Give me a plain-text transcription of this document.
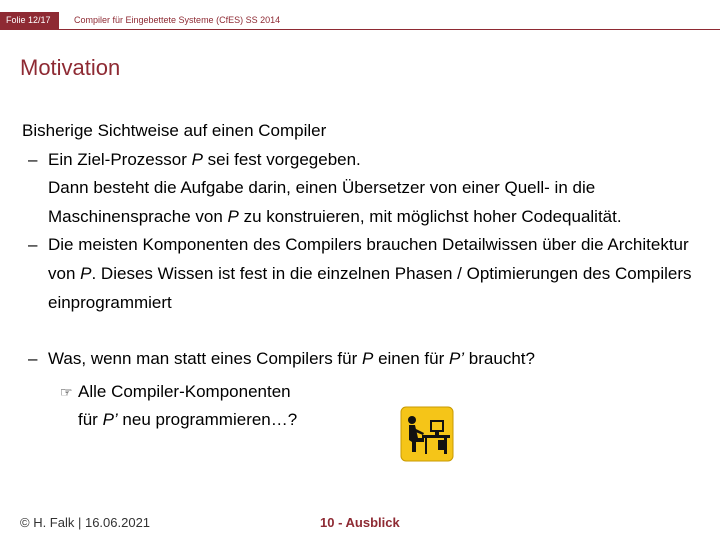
Folie 12/17	Compiler für Eingebettete Systeme (CfES) SS 2014
Motivation

Bisherige Sichtweise auf einen Compiler

– Ein Ziel-Prozessor P sei fest vorgegeben.
Dann besteht die Aufgabe darin, einen Übersetzer von einer Quell- in die Maschinensprache von P zu konstruieren, mit möglichst hoher Codequalität.

– Die meisten Komponenten des Compilers brauchen Detailwissen über die Architektur von P. Dieses Wissen ist fest in die einzelnen Phasen / Optimierungen des Compilers einprogrammiert

– Was, wenn man statt eines Compilers für P einen für P’ braucht?

☞ Alle Compiler-Komponenten
für P’ neu programmieren…?

© H. Falk | 16.06.2021	10 - Ausblick
